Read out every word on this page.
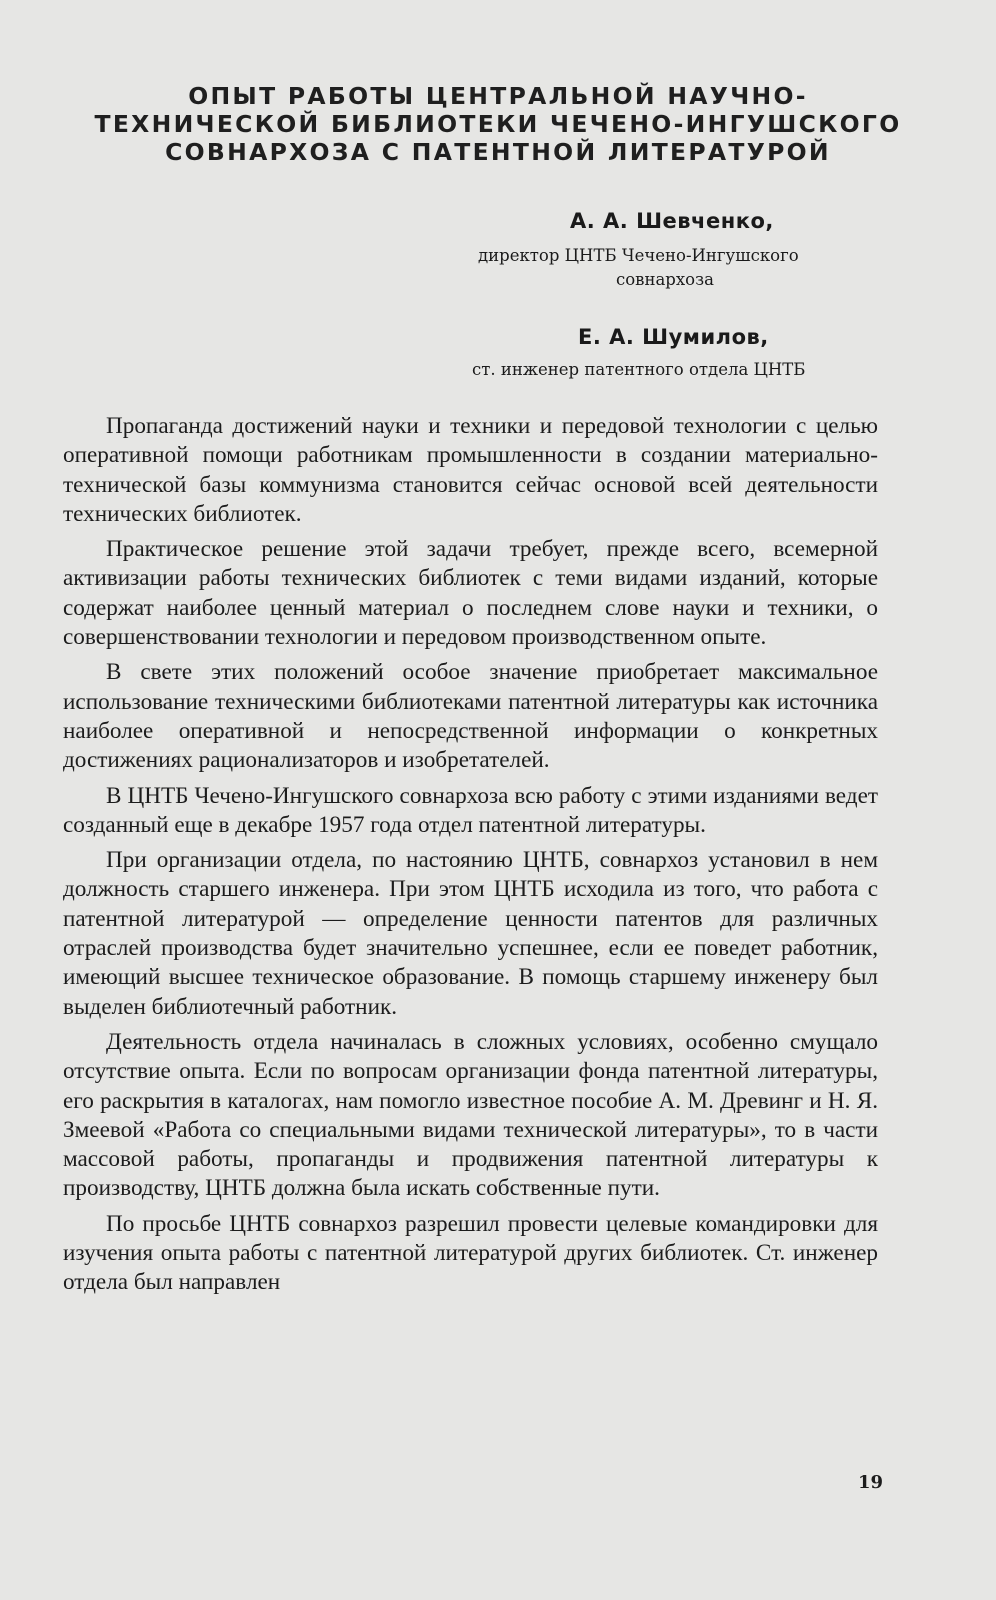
ОПЫТ РАБОТЫ ЦЕНТРАЛЬНОЙ НАУЧНО-
ТЕХНИЧЕСКОЙ БИБЛИОТЕКИ ЧЕЧЕНО-ИНГУШСКОГО
СОВНАРХОЗА С ПАТЕНТНОЙ ЛИТЕРАТУРОЙ
А. А. Шевченко,
директор ЦНТБ Чечено-Ингушского
совнархоза
Е. А. Шумилов,
ст. инженер патентного отдела ЦНТБ

Пропаганда достижений науки и техники и передовой технологии с целью оперативной помощи работникам промышленности в создании материально-технической базы коммунизма становится сейчас основой всей деятельности технических библиотек.

Практическое решение этой задачи требует, прежде всего, всемерной активизации работы технических библиотек с теми видами изданий, которые содержат наиболее ценный материал о последнем слове науки и техники, о совершенствовании технологии и передовом производственном опыте.

В свете этих положений особое значение приобретает максимальное использование техническими библиотеками патентной литературы как источника наиболее оперативной и непосредственной информации о конкретных достижениях рационализаторов и изобретателей.

В ЦНТБ Чечено-Ингушского совнархоза всю работу с этими изданиями ведет созданный еще в декабре 1957 года отдел патентной литературы.

При организации отдела, по настоянию ЦНТБ, совнархоз установил в нем должность старшего инженера. При этом ЦНТБ исходила из того, что работа с патентной литературой — определение ценности патентов для различных отраслей производства будет значительно успешнее, если ее поведет работник, имеющий высшее техническое образование. В помощь старшему инженеру был выделен библиотечный работник.

Деятельность отдела начиналась в сложных условиях, особенно смущало отсутствие опыта. Если по вопросам организации фонда патентной литературы, его раскрытия в каталогах, нам помогло известное пособие А. М. Древинг и Н. Я. Змеевой «Работа со специальными видами технической литературы», то в части массовой работы, пропаганды и продвижения патентной литературы к производству, ЦНТБ должна была искать собственные пути.

По просьбе ЦНТБ совнархоз разрешил провести целевые командировки для изучения опыта работы с патентной литературой других библиотек. Ст. инженер отдела был направлен

19
